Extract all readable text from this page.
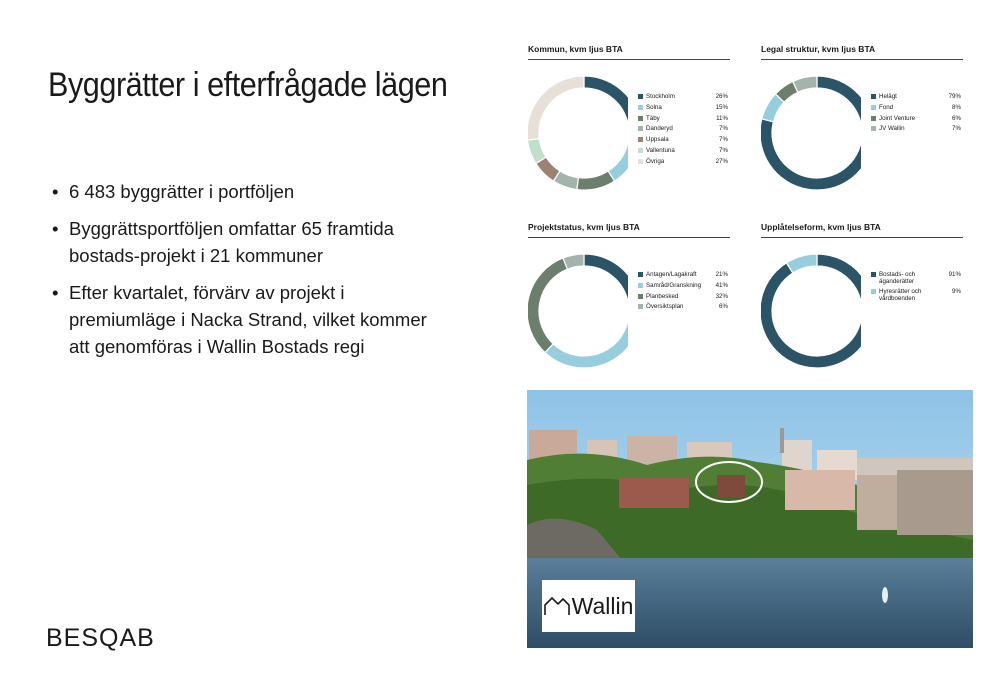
Byggrätter i efterfrågade lägen
• 6 483 byggrätter i portföljen
• Byggrättsportföljen omfattar 65 framtida bostads-projekt i 21 kommuner
• Efter kvartalet, förvärv av projekt i premiumläge i Nacka Strand, vilket kommer att genomföras i Wallin Bostads regi
BESQAB
Kommun, kvm ljus BTA
Stockholm	26%
Solna	15%
Täby	11%
Danderyd	7%
Uppsala	7%
Vallentuna	7%
Övriga	27%
Legal struktur, kvm ljus BTA
Helägt	79%
Fond	8%
Joint Venture	6%
JV Wallin	7%
Projektstatus, kvm ljus BTA
Antagen/Lagakraft	21%
Samråd/Granskning	41%
Planbesked	32%
Översiktsplan	6%
Upplåtelseform, kvm ljus BTA
Bostads- och äganderätter
91%
Hyresrätter och vårdboenden
9%
Wallin
